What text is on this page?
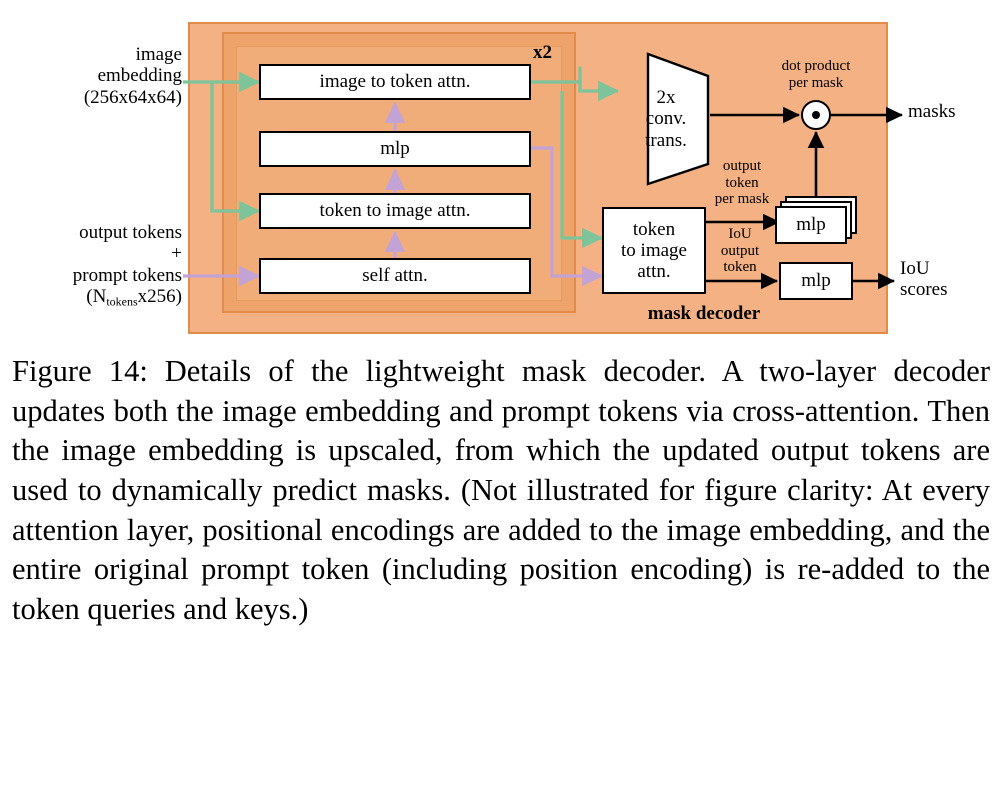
image
embedding
(256x64x64)
output tokens
+
prompt tokens
$(N_{tokens}x256)$
x2
image to token attn.
mlp
token to image attn.
self attn.
2x
conv.
trans.
token
to image
attn.
mlp
mlp
dot product
per mask
output
token
per mask
IoU
output
token
masks
IoU
scores
mask decoder
Figure 14: Details of the lightweight mask decoder. A two-layer decoder updates both the image embedding and prompt tokens via cross-attention. Then the image embedding is upscaled, from which the updated output tokens are used to dynamically predict masks. (Not illustrated for figure clarity: At every attention layer, positional encodings are added to the image embedding, and the entire original prompt token (including position encoding) is re-added to the token queries and keys.)
